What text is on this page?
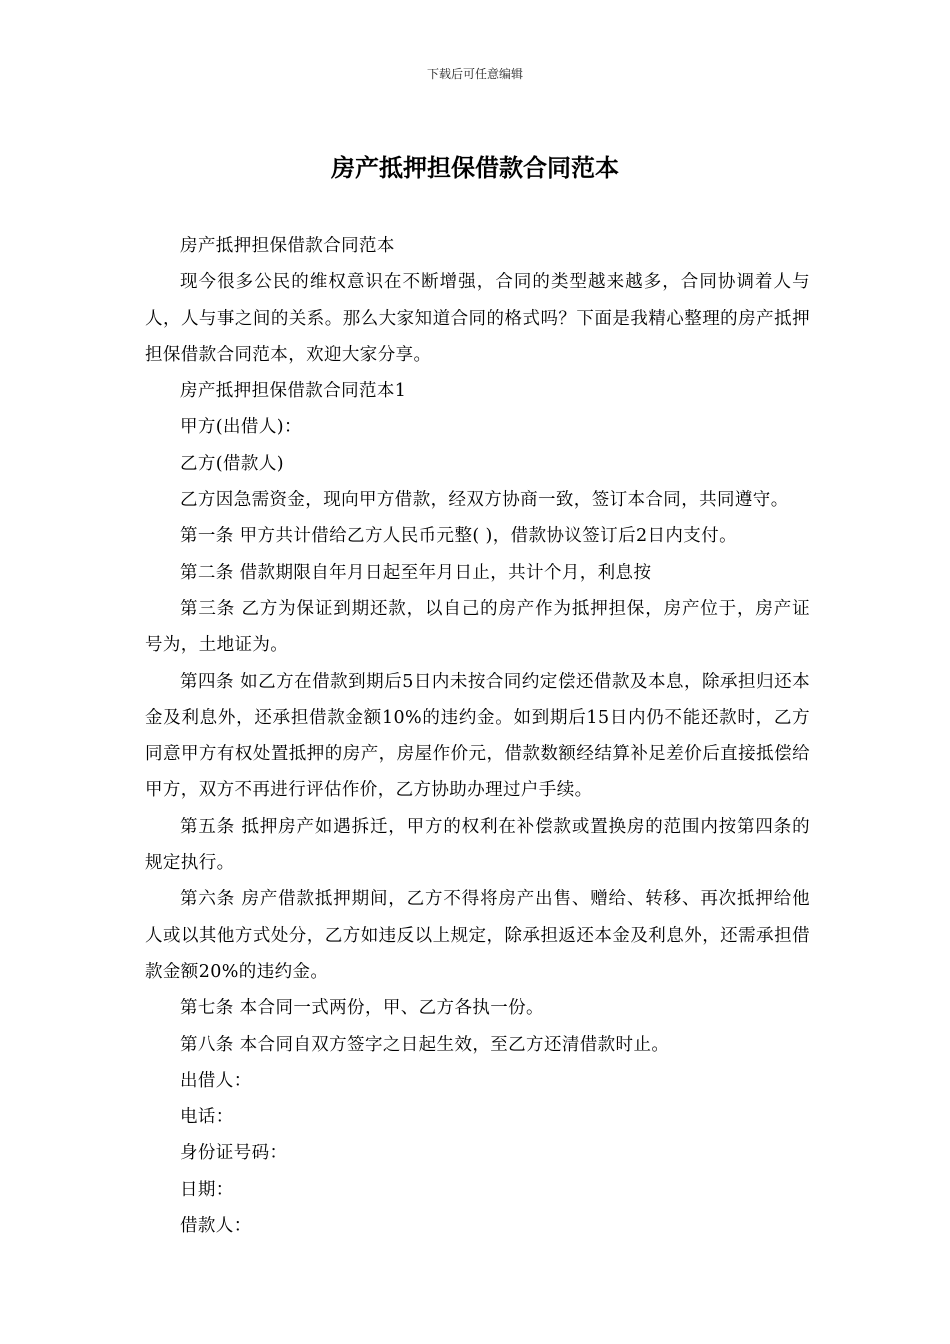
下载后可任意编辑
房产抵押担保借款合同范本

房产抵押担保借款合同范本

现今很多公民的维权意识在不断增强，合同的类型越来越多，合同协调着人与人，人与事之间的关系。那么大家知道合同的格式吗？下面是我精心整理的房产抵押担保借款合同范本，欢迎大家分享。

房产抵押担保借款合同范本1

甲方(出借人)：

乙方(借款人)

乙方因急需资金，现向甲方借款，经双方协商一致，签订本合同，共同遵守。

第一条 甲方共计借给乙方人民币元整( )，借款协议签订后2日内支付。

第二条 借款期限自年月日起至年月日止，共计个月，利息按

第三条 乙方为保证到期还款，以自己的房产作为抵押担保，房产位于，房产证号为，土地证为。

第四条 如乙方在借款到期后5日内未按合同约定偿还借款及本息，除承担归还本金及利息外，还承担借款金额10%的违约金。如到期后15日内仍不能还款时，乙方同意甲方有权处置抵押的房产，房屋作价元，借款数额经结算补足差价后直接抵偿给甲方，双方不再进行评估作价，乙方协助办理过户手续。

第五条 抵押房产如遇拆迁，甲方的权利在补偿款或置换房的范围内按第四条的规定执行。

第六条 房产借款抵押期间，乙方不得将房产出售、赠给、转移、再次抵押给他人或以其他方式处分，乙方如违反以上规定，除承担返还本金及利息外，还需承担借款金额20%的违约金。

第七条 本合同一式两份，甲、乙方各执一份。

第八条 本合同自双方签字之日起生效，至乙方还清借款时止。

出借人：

电话：

身份证号码：

日期：

借款人：
